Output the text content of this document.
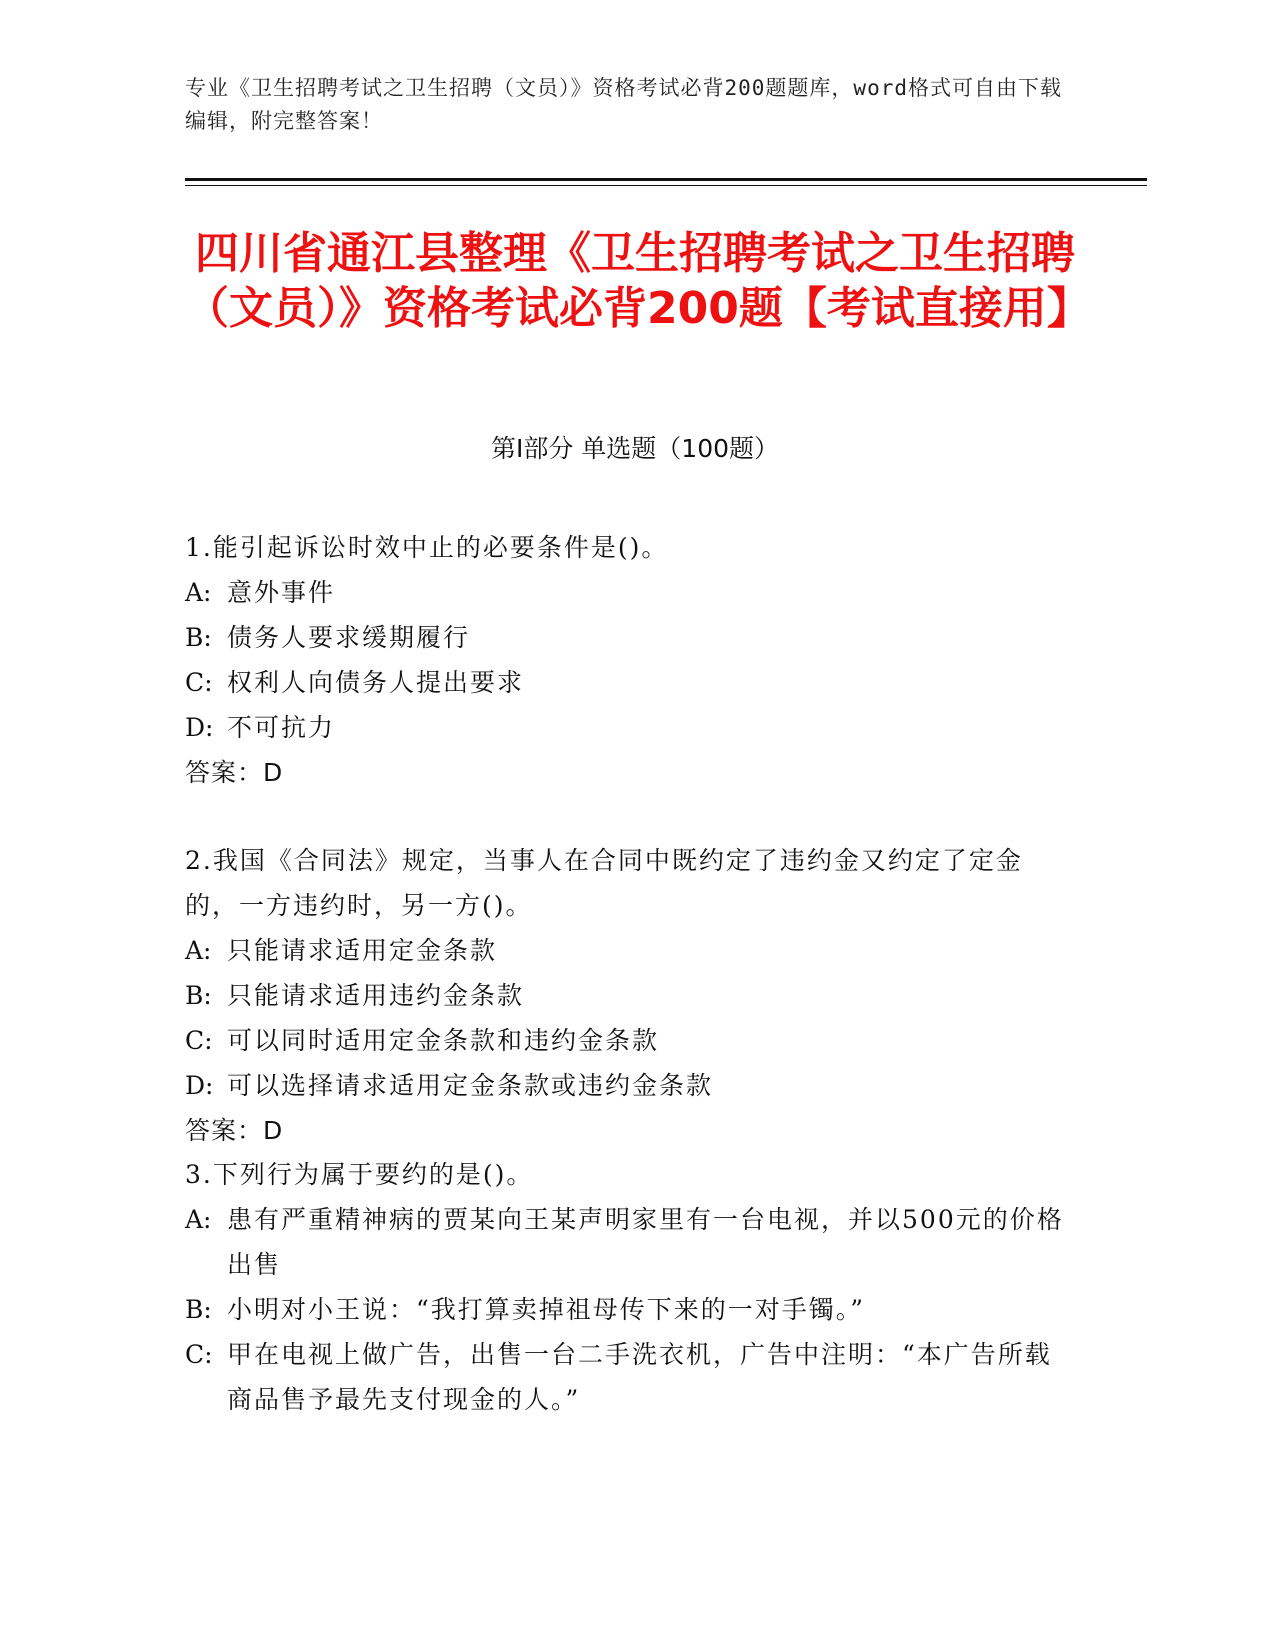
专业《卫生招聘考试之卫生招聘（文员）》资格考试必背200题题库，word格式可自由下载编辑，附完整答案！
四川省通江县整理《卫生招聘考试之卫生招聘（文员）》资格考试必背200题【考试直接用】
第I部分 单选题（100题）
1.能引起诉讼时效中止的必要条件是()。
A: 意外事件
B: 债务人要求缓期履行
C: 权利人向债务人提出要求
D: 不可抗力
答案：D
2.我国《合同法》规定，当事人在合同中既约定了违约金又约定了定金的，一方违约时，另一方()。
A: 只能请求适用定金条款
B: 只能请求适用违约金条款
C: 可以同时适用定金条款和违约金条款
D: 可以选择请求适用定金条款或违约金条款
答案：D
3.下列行为属于要约的是()。
A: 患有严重精神病的贾某向王某声明家里有一台电视，并以500元的价格出售
B: 小明对小王说：“我打算卖掉祖母传下来的一对手镯。”
C: 甲在电视上做广告，出售一台二手洗衣机，广告中注明：“本广告所载商品售予最先支付现金的人。”
